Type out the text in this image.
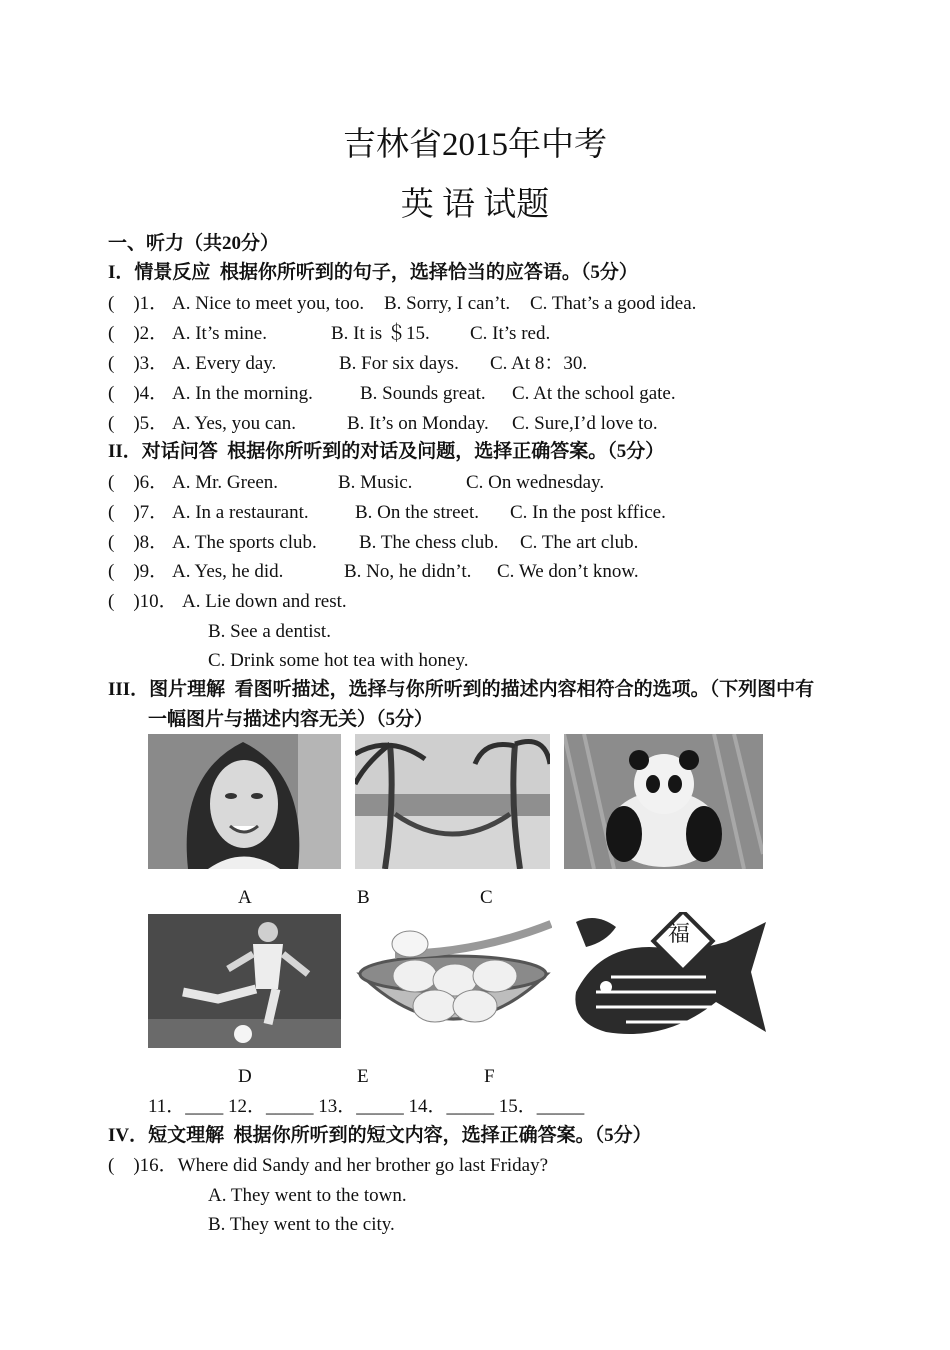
吉林省2015年中考
英 语 试题
一、听力（共20分）
I．情景反应  根据你所听到的句子，选择恰当的应答语。（5分）
(    )1． A. Nice to meet you, too. B. Sorry, I can’t. C. That’s a good idea.
(    )2． A. It’s mine.	B. It is ＄15. C. It’s red.
(    )3． A. Every day.	B. For six days. C. At 8：30.
(    )4． A. In the morning. B. Sounds great. C. At the school gate.
(    )5． A. Yes, you can.	B. It’s on Monday. C. Sure,I’d love to.
II．对话问答  根据你所听到的对话及问题，选择正确答案。（5分）
(    )6． A. Mr. Green.	B. Music.	C. On wednesday.
(    )7． A. In a restaurant. B. On the street. C. In the post kffice.
(    )8． A. The sports club. B. The chess club. C. The art club.
(    )9． A. Yes, he did.	B. No, he didn’t. C. We don’t know.
(    )10． A. Lie down and rest.
B. See a dentist.
C. Drink some hot tea with honey.
III．图片理解  看图听描述，选择与你所听到的描述内容相符合的选项。（下列图中有
一幅图片与描述内容无关）（5分）
A	B	C
福
D	E	F
11．____ 12．_____ 13．_____ 14．_____ 15．_____
IV．短文理解  根据你所听到的短文内容，选择正确答案。（5分）
(    )16．Where did Sandy and her brother go last Friday?
A. They went to the town.
B. They went to the city.
